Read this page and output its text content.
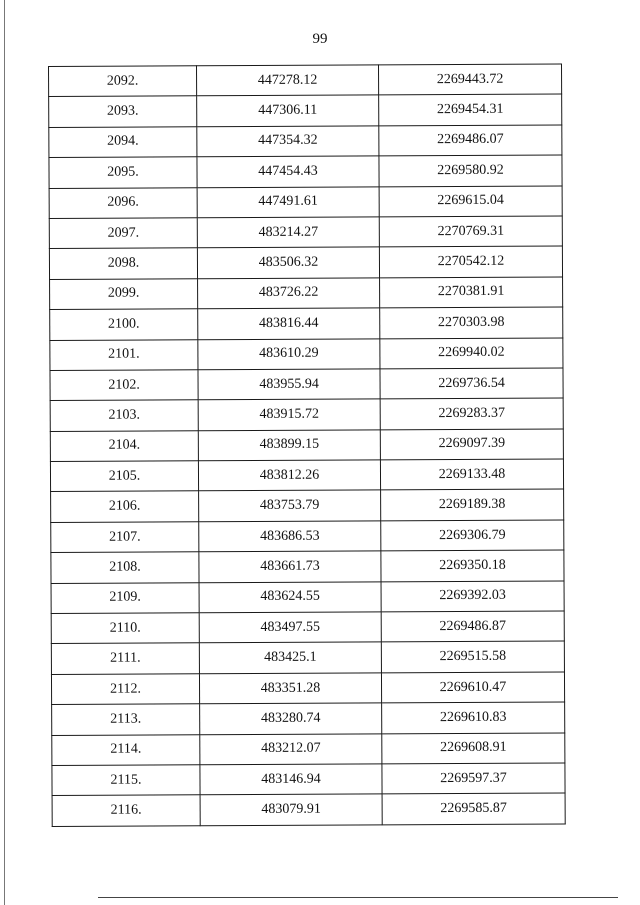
99
2092.	447278.12	2269443.72
2093.	447306.11	2269454.31
2094.	447354.32	2269486.07
2095.	447454.43	2269580.92
2096.	447491.61	2269615.04
2097.	483214.27	2270769.31
2098.	483506.32	2270542.12
2099.	483726.22	2270381.91
2100.	483816.44	2270303.98
2101.	483610.29	2269940.02
2102.	483955.94	2269736.54
2103.	483915.72	2269283.37
2104.	483899.15	2269097.39
2105.	483812.26	2269133.48
2106.	483753.79	2269189.38
2107.	483686.53	2269306.79
2108.	483661.73	2269350.18
2109.	483624.55	2269392.03
2110.	483497.55	2269486.87
2111.	483425.1	2269515.58
2112.	483351.28	2269610.47
2113.	483280.74	2269610.83
2114.	483212.07	2269608.91
2115.	483146.94	2269597.37
2116.	483079.91	2269585.87
